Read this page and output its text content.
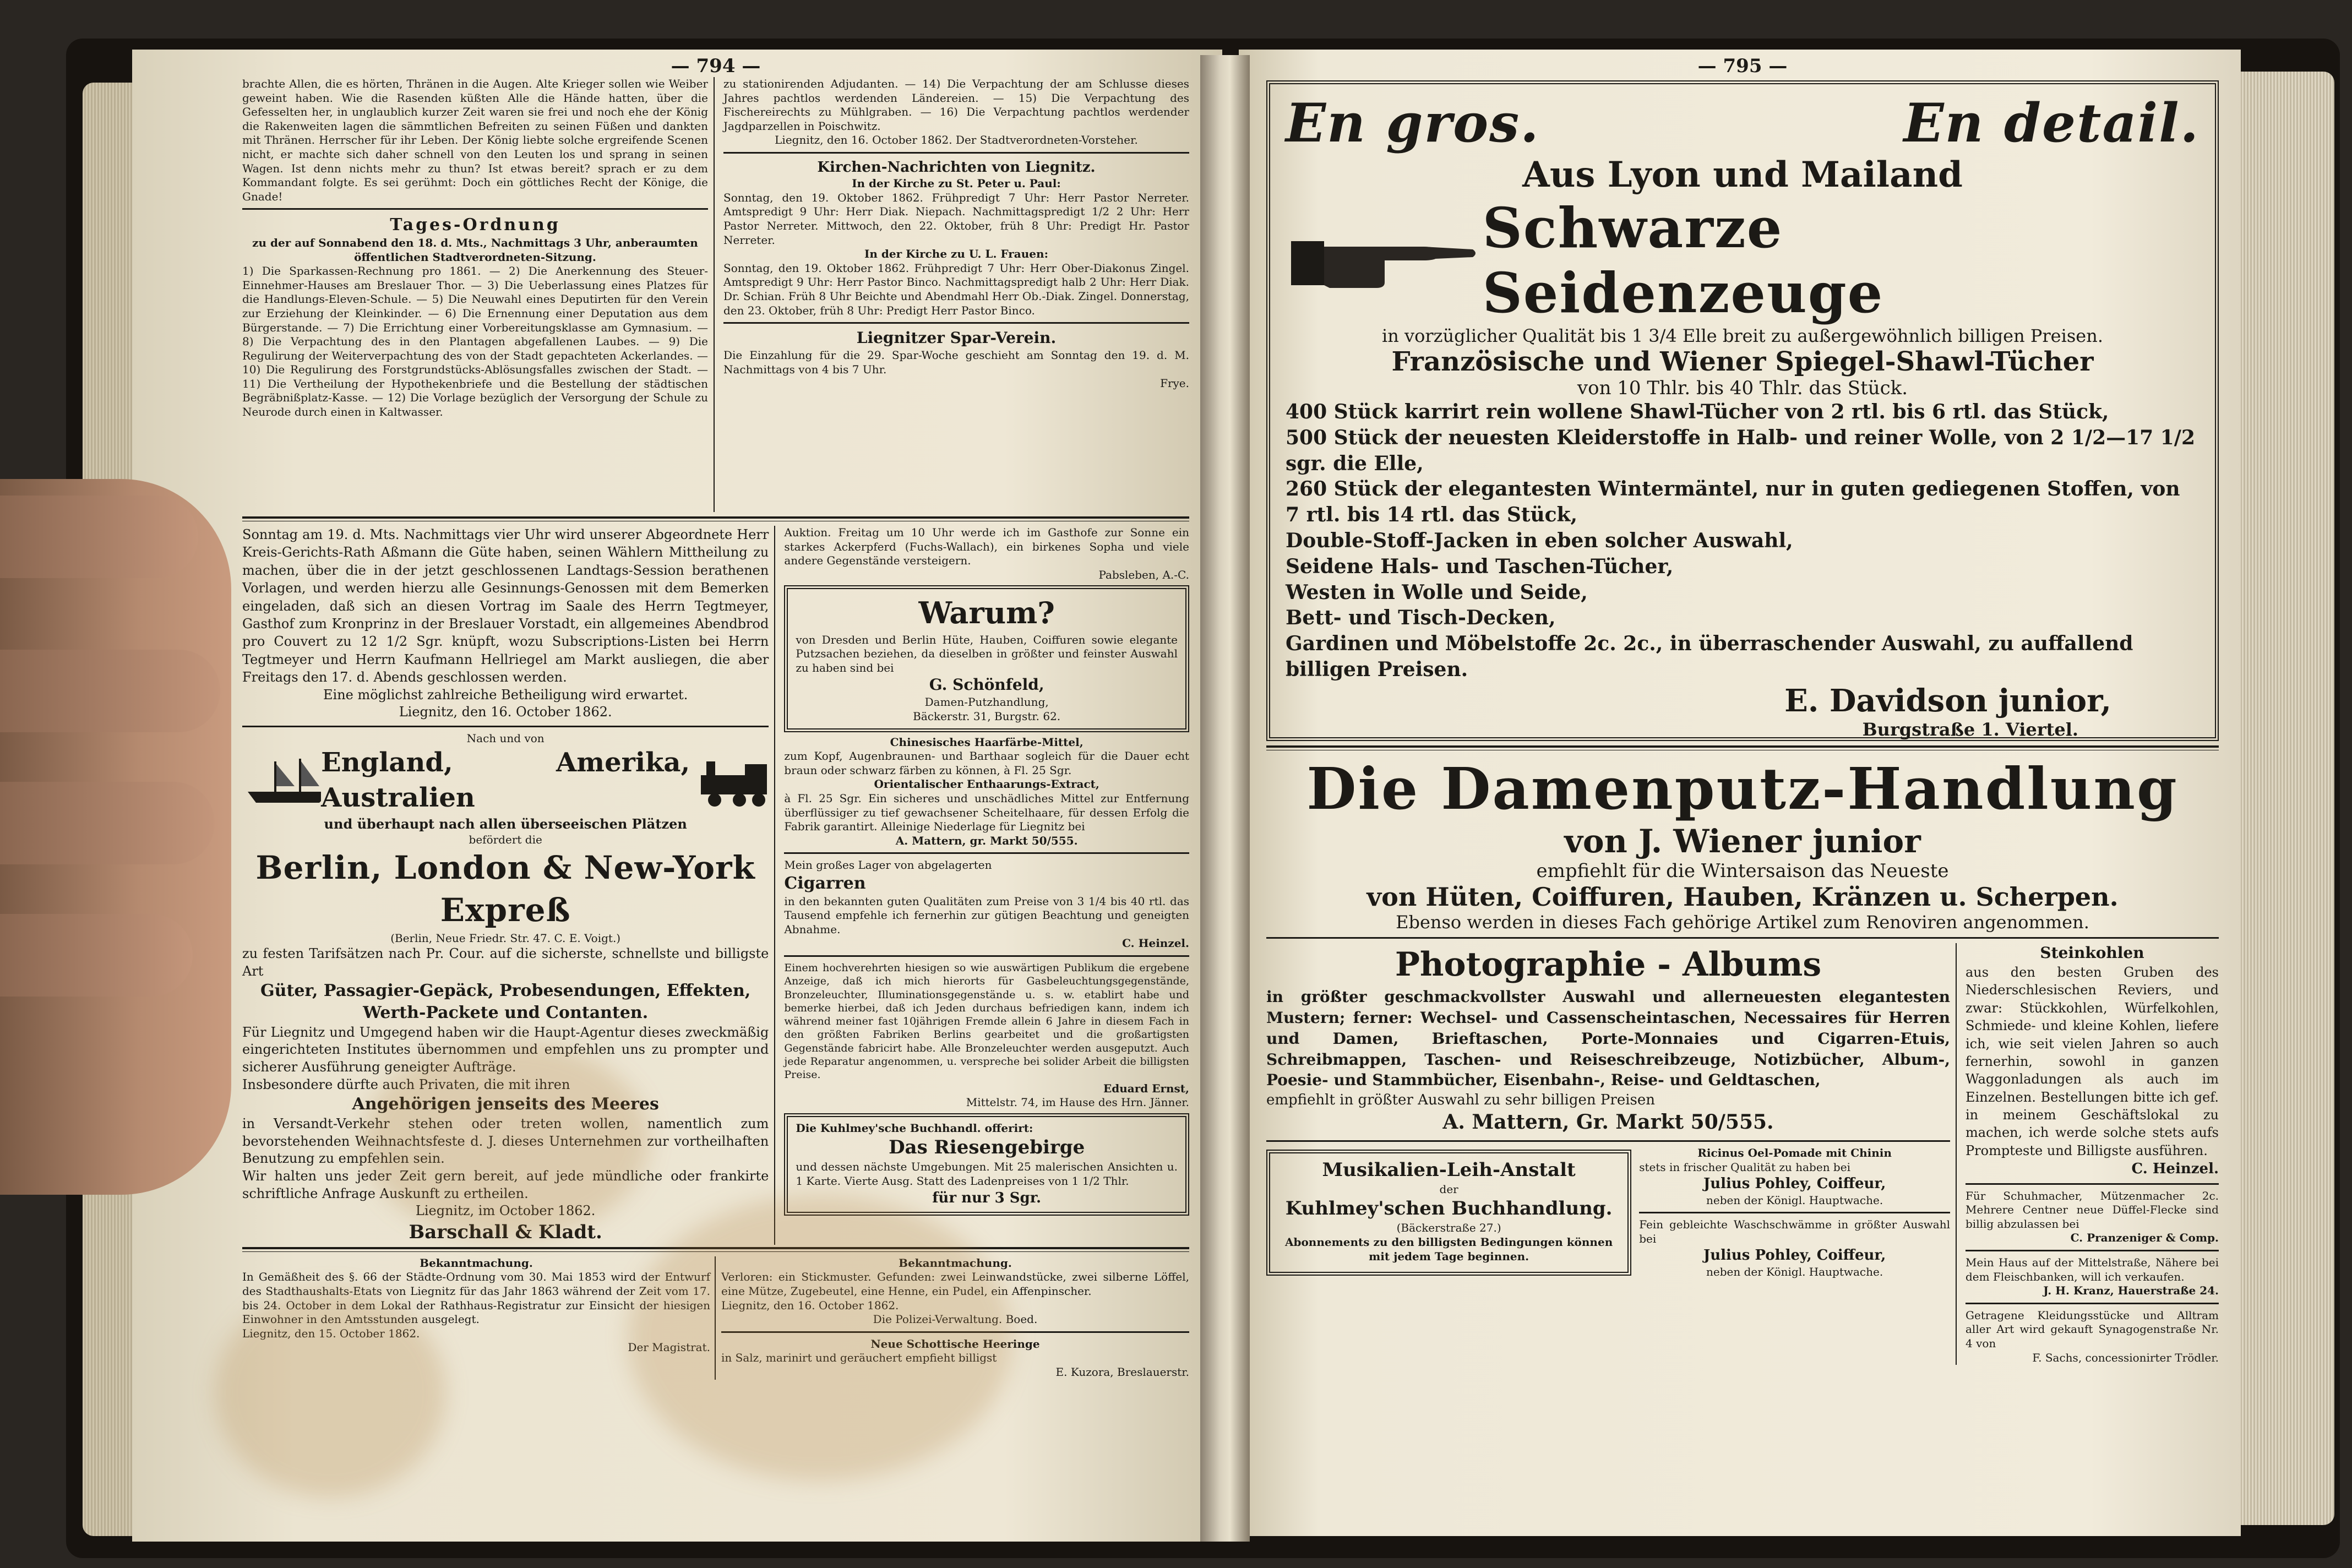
— 794 —
brachte Allen, die es hörten, Thränen in die Augen. Alte Krieger sollen wie Weiber geweint haben. Wie die Rasenden küßten Alle die Hände hatten, über die Gefesselten her, in unglaublich kurzer Zeit waren sie frei und noch ehe der König die Rakenweiten lagen die sämmtlichen Befreiten zu seinen Füßen und dankten mit Thränen. Herrscher für ihr Leben. Der König liebte solche ergreifende Scenen nicht, er machte sich daher schnell von den Leuten los und sprang in seinen Wagen. Ist denn nichts mehr zu thun? Ist etwas bereit? sprach er zu dem Kommandant folgte. Es sei gerühmt: Doch ein göttliches Recht der Könige, die Gnade!
Tages-Ordnung
zu der auf Sonnabend den 18. d. Mts., Nachmittags 3 Uhr, anberaumten öffentlichen Stadtverordneten-Sitzung.
1) Die Sparkassen-Rechnung pro 1861. — 2) Die Anerkennung des Steuer-Einnehmer-Hauses am Breslauer Thor. — 3) Die Ueberlassung eines Platzes für die Handlungs-Eleven-Schule. — 5) Die Neuwahl eines Deputirten für den Verein zur Erziehung der Kleinkinder. — 6) Die Ernennung einer Deputation aus dem Bürgerstande. — 7) Die Errichtung einer Vorbereitungsklasse am Gymnasium. — 8) Die Verpachtung des in den Plantagen abgefallenen Laubes. — 9) Die Regulirung der Weiterverpachtung des von der Stadt gepachteten Ackerlandes. — 10) Die Regulirung des Forstgrundstücks-Ablösungsfalles zwischen der Stadt. — 11) Die Vertheilung der Hypothekenbriefe und die Bestellung der städtischen Begräbnißplatz-Kasse. — 12) Die Vorlage bezüglich der Versorgung der Schule zu Neurode durch einen in Kaltwasser.
zu stationirenden Adjudanten. — 14) Die Verpachtung der am Schlusse dieses Jahres pachtlos werdenden Ländereien. — 15) Die Verpachtung des Fischereirechts zu Mühlgraben. — 16) Die Verpachtung pachtlos werdender Jagdparzellen in Poischwitz.
Liegnitz, den 16. October 1862. Der Stadtverordneten-Vorsteher.
Kirchen-Nachrichten von Liegnitz.
In der Kirche zu St. Peter u. Paul:
Sonntag, den 19. Oktober 1862. Frühpredigt 7 Uhr: Herr Pastor Nerreter. Amtspredigt 9 Uhr: Herr Diak. Niepach. Nachmittagspredigt 1/2 2 Uhr: Herr Pastor Nerreter. Mittwoch, den 22. Oktober, früh 8 Uhr: Predigt Hr. Pastor Nerreter.
In der Kirche zu U. L. Frauen:
Sonntag, den 19. Oktober 1862. Frühpredigt 7 Uhr: Herr Ober-Diakonus Zingel. Amtspredigt 9 Uhr: Herr Pastor Binco. Nachmittagspredigt halb 2 Uhr: Herr Diak. Dr. Schian. Früh 8 Uhr Beichte und Abendmahl Herr Ob.-Diak. Zingel. Donnerstag, den 23. Oktober, früh 8 Uhr: Predigt Herr Pastor Binco.
Liegnitzer Spar-Verein.
Die Einzahlung für die 29. Spar-Woche geschieht am Sonntag den 19. d. M. Nachmittags von 4 bis 7 Uhr.
Frye.
Sonntag am 19. d. Mts. Nachmittags vier Uhr wird unserer Abgeordnete Herr Kreis-Gerichts-Rath Aßmann die Güte haben, seinen Wählern Mittheilung zu machen, über die in der jetzt geschlossenen Landtags-Session berathenen Vorlagen, und werden hierzu alle Gesinnungs-Genossen mit dem Bemerken eingeladen, daß sich an diesen Vortrag im Saale des Herrn Tegtmeyer, Gasthof zum Kronprinz in der Breslauer Vorstadt, ein allgemeines Abendbrod pro Couvert zu 12 1/2 Sgr. knüpft, wozu Subscriptions-Listen bei Herrn Tegtmeyer und Herrn Kaufmann Hellriegel am Markt ausliegen, die aber Freitags den 17. d. Abends geschlossen werden.
Eine möglichst zahlreiche Betheiligung wird erwartet.
Liegnitz, den 16. October 1862.
Nach und von
England, Amerika, Australien
und überhaupt nach allen überseeischen Plätzen
befördert die
Berlin, London & New-York Expreß
(Berlin, Neue Friedr. Str. 47. C. E. Voigt.)
zu festen Tarifsätzen nach Pr. Cour. auf die sicherste, schnellste und billigste Art
Güter, Passagier-Gepäck, Probesendungen, Effekten, Werth-Packete und Contanten.
Für Liegnitz und Umgegend haben wir die Haupt-Agentur dieses zweckmäßig eingerichteten Institutes übernommen und empfehlen uns zu prompter und sicherer Ausführung geneigter Aufträge.
Insbesondere dürfte auch Privaten, die mit ihren
Angehörigen jenseits des Meeres
in Versandt-Verkehr stehen oder treten wollen, namentlich zum bevorstehenden Weihnachtsfeste d. J. dieses Unternehmen zur vortheilhaften Benutzung zu empfehlen sein.
Wir halten uns jeder Zeit gern bereit, auf jede mündliche oder frankirte schriftliche Anfrage Auskunft zu ertheilen.
Liegnitz, im October 1862.
Barschall & Kladt.
Auktion. Freitag um 10 Uhr werde ich im Gasthofe zur Sonne ein starkes Ackerpferd (Fuchs-Wallach), ein birkenes Sopha und viele andere Gegenstände versteigern.
Pabsleben, A.-C.
Warum?
von Dresden und Berlin Hüte, Hauben, Coiffuren sowie elegante Putzsachen beziehen, da dieselben in größter und feinster Auswahl zu haben sind bei
G. Schönfeld,
Damen-Putzhandlung,
Bäckerstr. 31, Burgstr. 62.
Chinesisches Haarfärbe-Mittel,
zum Kopf, Augenbraunen- und Barthaar sogleich für die Dauer echt braun oder schwarz färben zu können, à Fl. 25 Sgr.
Orientalischer Enthaarungs-Extract,
à Fl. 25 Sgr. Ein sicheres und unschädliches Mittel zur Entfernung überflüssiger zu tief gewachsener Scheitelhaare, für dessen Erfolg die Fabrik garantirt. Alleinige Niederlage für Liegnitz bei
A. Mattern, gr. Markt 50/555.
Mein großes Lager von abgelagerten
Cigarren
in den bekannten guten Qualitäten zum Preise von 3 1/4 bis 40 rtl. das Tausend empfehle ich fernerhin zur gütigen Beachtung und geneigten Abnahme.
C. Heinzel.
Einem hochverehrten hiesigen so wie auswärtigen Publikum die ergebene Anzeige, daß ich mich hierorts für Gasbeleuchtungsgegenstände, Bronzeleuchter, Illuminationsgegenstände u. s. w. etablirt habe und bemerke hierbei, daß ich Jeden durchaus befriedigen kann, indem ich während meiner fast 10jährigen Fremde allein 6 Jahre in diesem Fach in den größten Fabriken Berlins gearbeitet und die großartigsten Gegenstände fabricirt habe. Alle Bronzeleuchter werden ausgeputzt. Auch jede Reparatur angenommen, u. verspreche bei solider Arbeit die billigsten Preise.
Eduard Ernst,
Mittelstr. 74, im Hause des Hrn. Jänner.
Die Kuhlmey'sche Buchhandl. offerirt:
Das Riesengebirge
und dessen nächste Umgebungen. Mit 25 malerischen Ansichten u. 1 Karte. Vierte Ausg. Statt des Ladenpreises von 1 1/2 Thlr.
für nur 3 Sgr.
Bekanntmachung.
In Gemäßheit des §. 66 der Städte-Ordnung vom 30. Mai 1853 wird der Entwurf des Stadthaushalts-Etats von Liegnitz für das Jahr 1863 während der Zeit vom 17. bis 24. October in dem Lokal der Rathhaus-Registratur zur Einsicht der hiesigen Einwohner in den Amtsstunden ausgelegt.
Liegnitz, den 15. October 1862.
Der Magistrat.
Bekanntmachung.
Verloren: ein Stickmuster. Gefunden: zwei Leinwandstücke, zwei silberne Löffel, eine Mütze, Zugebeutel, eine Henne, ein Pudel, ein Affenpinscher.
Liegnitz, den 16. October 1862.
Die Polizei-Verwaltung. Boed.
Neue Schottische Heeringe
in Salz, marinirt und geräuchert empfieht billigst
E. Kuzora, Breslauerstr.
— 795 —
En gros.	En detail.
Aus Lyon und Mailand
Schwarze Seidenzeuge
in vorzüglicher Qualität bis 1 3/4 Elle breit zu außergewöhnlich billigen Preisen.
Französische und Wiener Spiegel-Shawl-Tücher
von 10 Thlr. bis 40 Thlr. das Stück.
400 Stück karrirt rein wollene Shawl-Tücher von 2 rtl. bis 6 rtl. das Stück,
500 Stück der neuesten Kleiderstoffe in Halb- und reiner Wolle, von 2 1/2—17 1/2 sgr. die Elle,
260 Stück der elegantesten Wintermäntel, nur in guten gediegenen Stoffen, von 7 rtl. bis 14 rtl. das Stück,
Double-Stoff-Jacken in eben solcher Auswahl,
Seidene Hals- und Taschen-Tücher,
Westen in Wolle und Seide,
Bett- und Tisch-Decken,
Gardinen und Möbelstoffe 2c. 2c., in überraschender Auswahl, zu auffallend billigen Preisen.
E. Davidson junior,
Burgstraße 1. Viertel.
Die Damenputz-Handlung
von J. Wiener junior
empfiehlt für die Wintersaison das Neueste
von Hüten, Coiffuren, Hauben, Kränzen u. Scherpen.
Ebenso werden in dieses Fach gehörige Artikel zum Renoviren angenommen.
Photographie - Albums
in größter geschmackvollster Auswahl und allerneuesten elegantesten Mustern; ferner: Wechsel- und Cassenscheintaschen, Necessaires für Herren und Damen, Brieftaschen, Porte-Monnaies und Cigarren-Etuis, Schreibmappen, Taschen- und Reiseschreibzeuge, Notizbücher, Album-, Poesie- und Stammbücher, Eisenbahn-, Reise- und Geldtaschen,
empfiehlt in größter Auswahl zu sehr billigen Preisen
A. Mattern, Gr. Markt 50/555.
Musikalien-Leih-Anstalt
der
Kuhlmey'schen Buchhandlung.
(Bäckerstraße 27.)
Abonnements zu den billigsten Bedingungen können mit jedem Tage beginnen.
Ricinus Oel-Pomade mit Chinin
stets in frischer Qualität zu haben bei
Julius Pohley, Coiffeur,
neben der Königl. Hauptwache.
Fein gebleichte Waschschwämme in größter Auswahl bei
Julius Pohley, Coiffeur,
neben der Königl. Hauptwache.
Steinkohlen
aus den besten Gruben des Niederschlesischen Reviers, und zwar: Stückkohlen, Würfelkohlen, Schmiede- und kleine Kohlen, liefere ich, wie seit vielen Jahren so auch fernerhin, sowohl in ganzen Waggonladungen als auch im Einzelnen. Bestellungen bitte ich gef. in meinem Geschäftslokal zu machen, ich werde solche stets aufs Prompteste und Billigste ausführen.
C. Heinzel.
Für Schuhmacher, Mützenmacher 2c. Mehrere Centner neue Düffel-Flecke sind billig abzulassen bei
C. Pranzeniger & Comp.
Mein Haus auf der Mittelstraße, Nähere bei dem Fleischbanken, will ich verkaufen.
J. H. Kranz, Hauerstraße 24.
Getragene Kleidungsstücke und Alltram aller Art wird gekauft Synagogenstraße Nr. 4 von
F. Sachs, concessionirter Trödler.
